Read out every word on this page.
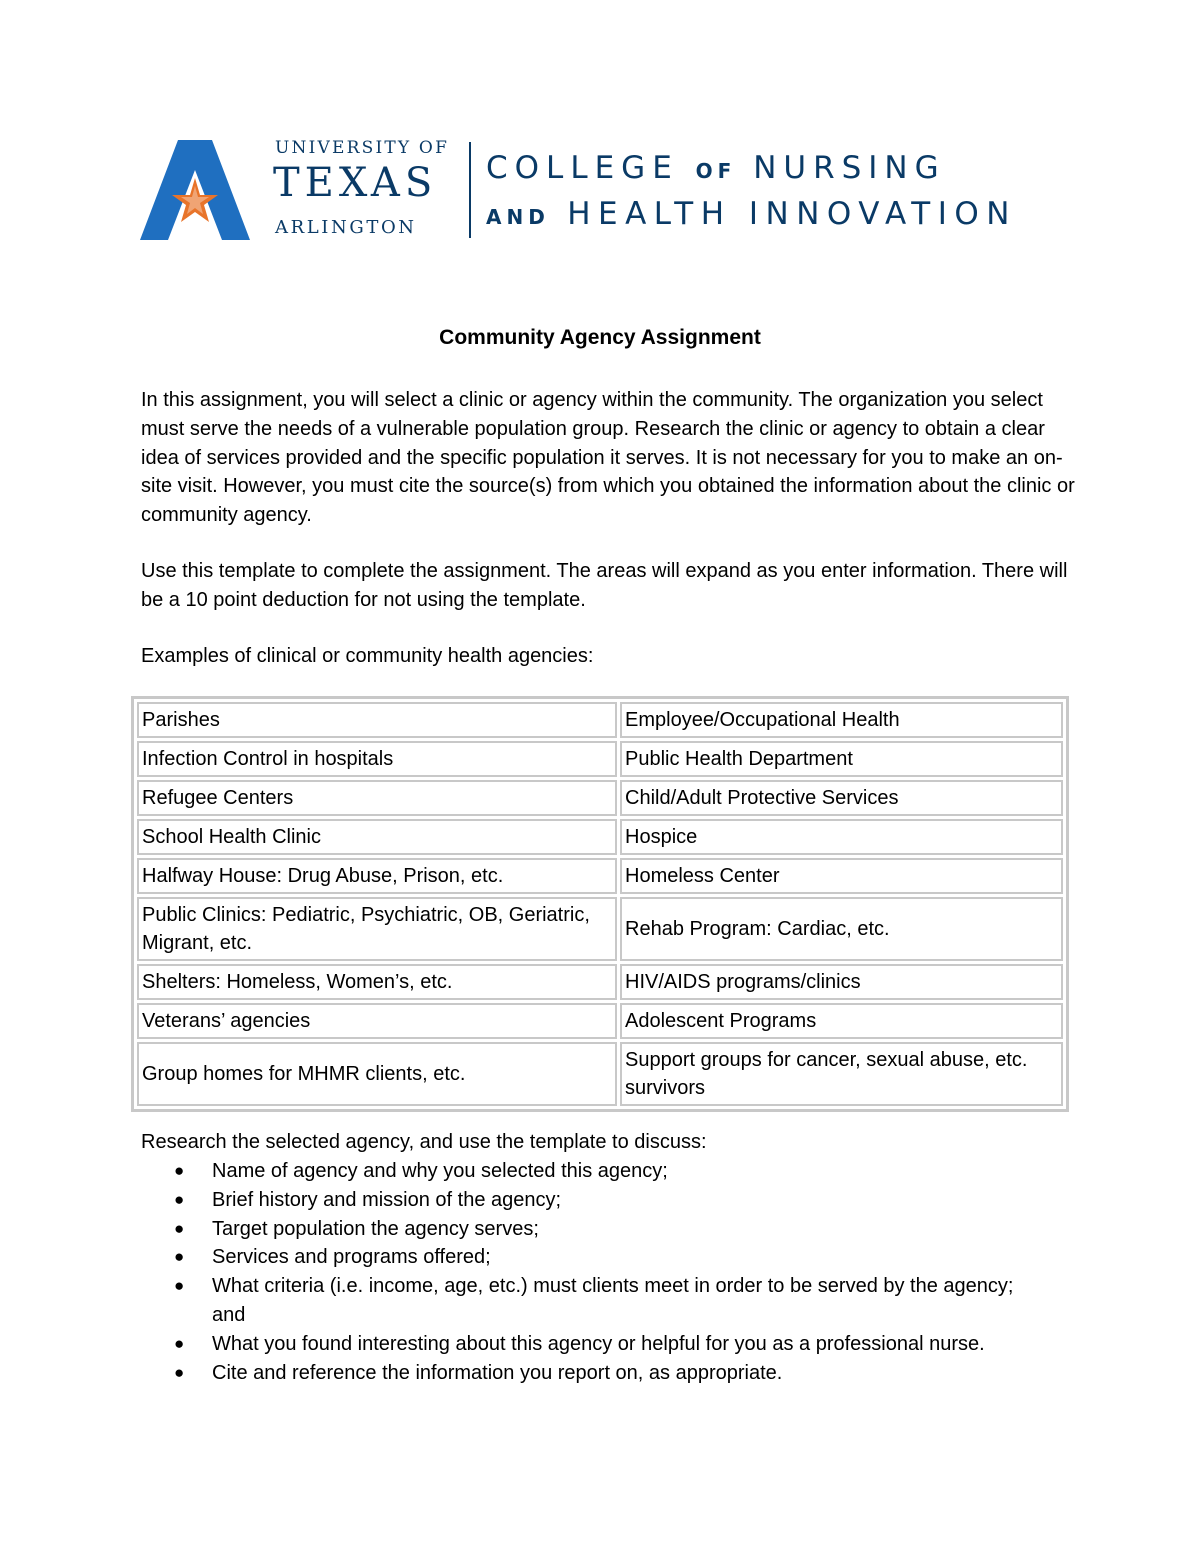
UNIVERSITY OF
TEXAS
ARLINGTON
COLLEGE OF NURSING
AND HEALTH INNOVATION
Community Agency Assignment

In this assignment, you will select a clinic or agency within the community. The organization you select must serve the needs of a vulnerable population group. Research the clinic or agency to obtain a clear idea of services provided and the specific population it serves. It is not necessary for you to make an on-site visit. However, you must cite the source(s) from which you obtained the information about the clinic or community agency.

Use this template to complete the assignment. The areas will expand as you enter information. There will be a 10 point deduction for not using the template.

Examples of clinical or community health agencies:

Parishes	Employee/Occupational Health
Infection Control in hospitals	Public Health Department
Refugee Centers	Child/Adult Protective Services
School Health Clinic	Hospice
Halfway House: Drug Abuse, Prison, etc.	Homeless Center
Public Clinics: Pediatric, Psychiatric, OB, Geriatric, Migrant, etc.	Rehab Program: Cardiac, etc.
Shelters: Homeless, Women’s, etc.	HIV/AIDS programs/clinics
Veterans’ agencies	Adolescent Programs
Group homes for MHMR clients, etc.	Support groups for cancer, sexual abuse, etc. survivors

Research the selected agency, and use the template to discuss:

● Name of agency and why you selected this agency;
● Brief history and mission of the agency;
● Target population the agency serves;
● Services and programs offered;
● What criteria (i.e. income, age, etc.) must clients meet in order to be served by the agency; and
● What you found interesting about this agency or helpful for you as a professional nurse.
● Cite and reference the information you report on, as appropriate.
